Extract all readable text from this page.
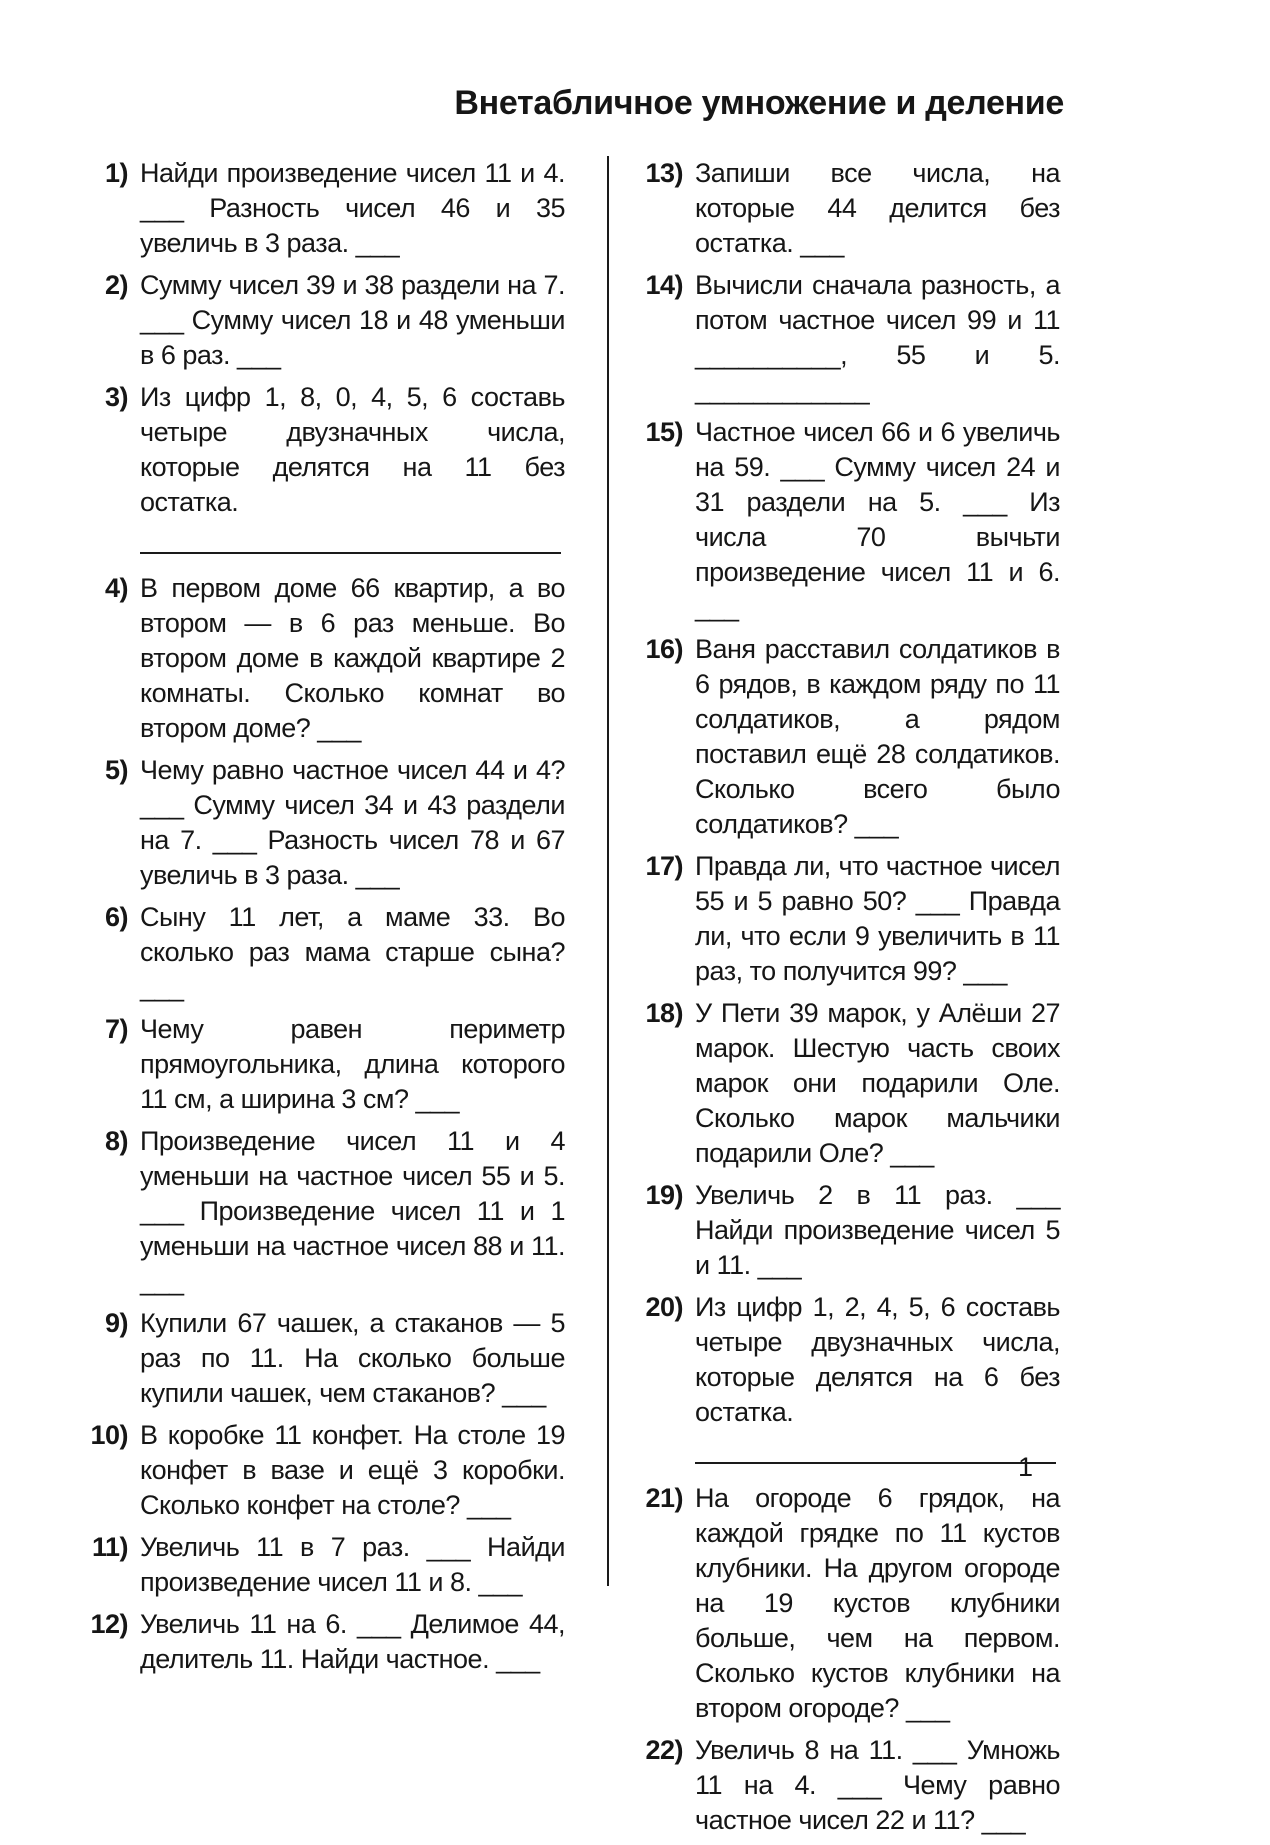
Внетабличное умножение и деление
1) Найди произведение чисел 11 и 4. ___ Разность чисел 46 и 35 увеличь в 3 раза. ___
2) Сумму чисел 39 и 38 раздели на 7. ___ Сумму чисел 18 и 48 уменьши в 6 раз. ___
3) Из цифр 1, 8, 0, 4, 5, 6 составь четыре двузначных числа, которые делятся на 11 без остатка.
4) В первом доме 66 квартир, а во втором — в 6 раз меньше. Во втором доме в каждой квартире 2 комнаты. Сколько комнат во втором доме? ___
5) Чему равно частное чисел 44 и 4? ___ Сумму чисел 34 и 43 раздели на 7. ___ Разность чисел 78 и 67 увеличь в 3 раза. ___
6) Сыну 11 лет, а маме 33. Во сколько раз мама старше сына? ___
7) Чему равен периметр прямоугольника, длина которого 11 см, а ширина 3 см? ___
8) Произведение чисел 11 и 4 уменьши на частное чисел 55 и 5. ___ Произведение чисел 11 и 1 уменьши на частное чисел 88 и 11. ___
9) Купили 67 чашек, а стаканов — 5 раз по 11. На сколько больше купили чашек, чем стаканов? ___
10) В коробке 11 конфет. На столе 19 конфет в вазе и ещё 3 коробки. Сколько конфет на столе? ___
11) Увеличь 11 в 7 раз. ___ Найди произведение чисел 11 и 8. ___
12) Увеличь 11 на 6. ___ Делимое 44, делитель 11. Найди частное. ___
13) Запиши все числа, на которые 44 делится без остатка. ___
14) Вычисли сначала разность, а потом частное чисел 99 и 11 __________, 55 и 5. ____________
15) Частное чисел 66 и 6 увеличь на 59. ___ Сумму чисел 24 и 31 раздели на 5. ___ Из числа 70 вычьти произведение чисел 11 и 6. ___
16) Ваня расставил солдатиков в 6 рядов, в каждом ряду по 11 солдатиков, а рядом поставил ещё 28 солдатиков. Сколько всего было солдатиков? ___
17) Правда ли, что частное чисел 55 и 5 равно 50? ___ Правда ли, что если 9 увеличить в 11 раз, то получится 99? ___
18) У Пети 39 марок, у Алёши 27 марок. Шестую часть своих марок они подарили Оле. Сколько марок мальчики подарили Оле? ___
19) Увеличь 2 в 11 раз. ___ Найди произведение чисел 5 и 11. ___
20) Из цифр 1, 2, 4, 5, 6 составь четыре двузначных числа, которые делятся на 6 без остатка.
21) На огороде 6 грядок, на каждой грядке по 11 кустов клубники. На другом огороде на 19 кустов клубники больше, чем на первом. Сколько кустов клубники на втором огороде? ___
22) Увеличь 8 на 11. ___ Умножь 11 на 4. ___ Чему равно частное чисел 22 и 11? ___
1
